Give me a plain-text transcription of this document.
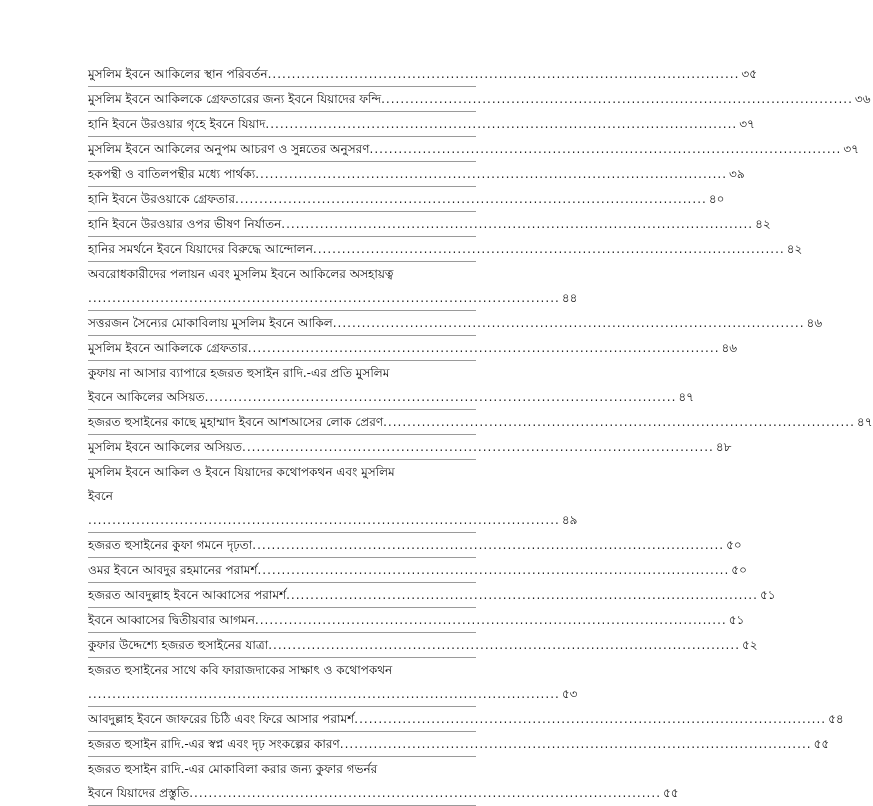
মুসলিম ইবনে আকিলের স্থান পরিবর্তন .................................................................................................. ৩৫
মুসলিম ইবনে আকিলকে গ্রেফতারের জন্য ইবনে যিয়াদের ফন্দি .................................................................................................. ৩৬
হানি ইবনে উরওয়ার গৃহে ইবনে যিয়াদ .................................................................................................. ৩৭
মুসলিম ইবনে আকিলের অনুপম আচরণ ও সুন্নতের অনুসরণ .................................................................................................. ৩৭
হকপন্থী ও বাতিলপন্থীর মধ্যে পার্থক্য .................................................................................................. ৩৯
হানি ইবনে উরওয়াকে গ্রেফতার .................................................................................................. ৪০
হানি ইবনে উরওয়ার ওপর ভীষণ নির্যাতন .................................................................................................. ৪২
হানির সমর্থনে ইবনে যিয়াদের বিরুদ্ধে আন্দোলন .................................................................................................. ৪২
অবরোধকারীদের পলায়ন এবং মুসলিম ইবনে আকিলের অসহায়ত্ব
.................................................................................................. ৪৪
সত্তরজন সৈন্যের মোকাবিলায় মুসলিম ইবনে আকিল .................................................................................................. ৪৬
মুসলিম ইবনে আকিলকে গ্রেফতার .................................................................................................. ৪৬
কুফায় না আসার ব্যাপারে হজরত হুসাইন রাদি.-এর প্রতি মুসলিম
ইবনে আকিলের অসিয়ত .................................................................................................. ৪৭
হজরত হুসাইনের কাছে মুহাম্মাদ ইবনে আশআসের লোক প্রেরণ .................................................................................................. ৪৭
মুসলিম ইবনে আকিলের অসিয়ত .................................................................................................. ৪৮
মুসলিম ইবনে আকিল ও ইবনে যিয়াদের কথোপকথন এবং মুসলিম
ইবনে
.................................................................................................. ৪৯
হজরত হুসাইনের কুফা গমনে দৃঢ়তা .................................................................................................. ৫০
ওমর ইবনে আবদুর রহমানের পরামর্শ .................................................................................................. ৫০
হজরত আবদুল্লাহ ইবনে আব্বাসের পরামর্শ .................................................................................................. ৫১
ইবনে আব্বাসের দ্বিতীয়বার আগমন .................................................................................................. ৫১
কুফার উদ্দেশ্যে হজরত হুসাইনের যাত্রা .................................................................................................. ৫২
হজরত হুসাইনের সাথে কবি ফারাজদাকের সাক্ষাৎ ও কথোপকথন
.................................................................................................. ৫৩
আবদুল্লাহ ইবনে জাফরের চিঠি এবং ফিরে আসার পরামর্শ .................................................................................................. ৫৪
হজরত হুসাইন রাদি.-এর স্বপ্ন এবং দৃঢ় সংকল্পের কারণ .................................................................................................. ৫৫
হজরত হুসাইন রাদি.-এর মোকাবিলা করার জন্য কুফার গভর্নর
ইবনে যিয়াদের প্রস্তুতি .................................................................................................. ৫৫
